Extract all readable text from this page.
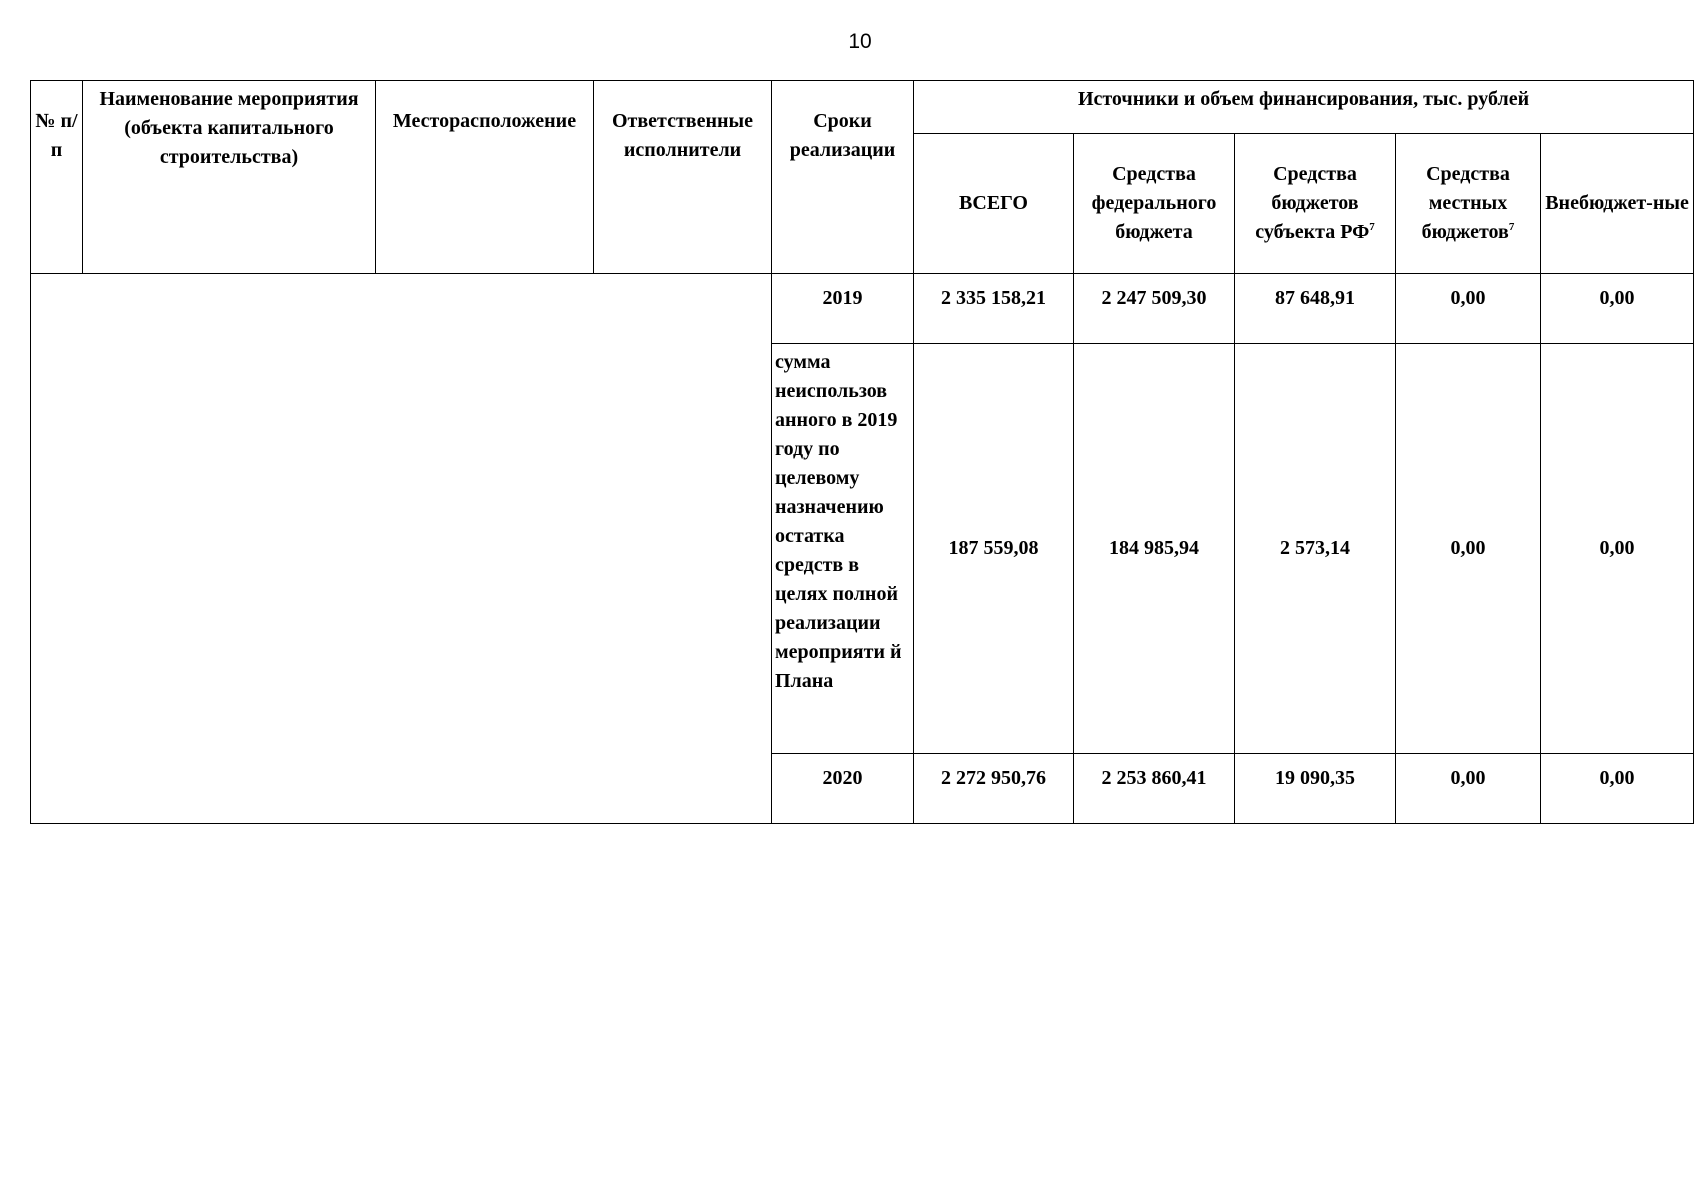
10
№ п/п	Наименование мероприятия (объекта капитального строительства)	Месторасположение	Ответственные исполнители	Сроки реализации	Источники и объем финансирования, тыс. рублей				
					ВСЕГО	Средства федерального бюджета	Средства бюджетов субъекта $РФ^7$	Средства местных бюджетов$^7$	Внебюджет-ные
				2019	2 335 158,21	2 247 509,30	87 648,91	0,00	0,00
				сумма неиспользов анного в 2019 году по целевому назначению остатка средств в целях полной реализации мероприяти й Плана	187 559,08	184 985,94	2 573,14	0,00	0,00
				2020	2 272 950,76	2 253 860,41	19 090,35	0,00	0,00
